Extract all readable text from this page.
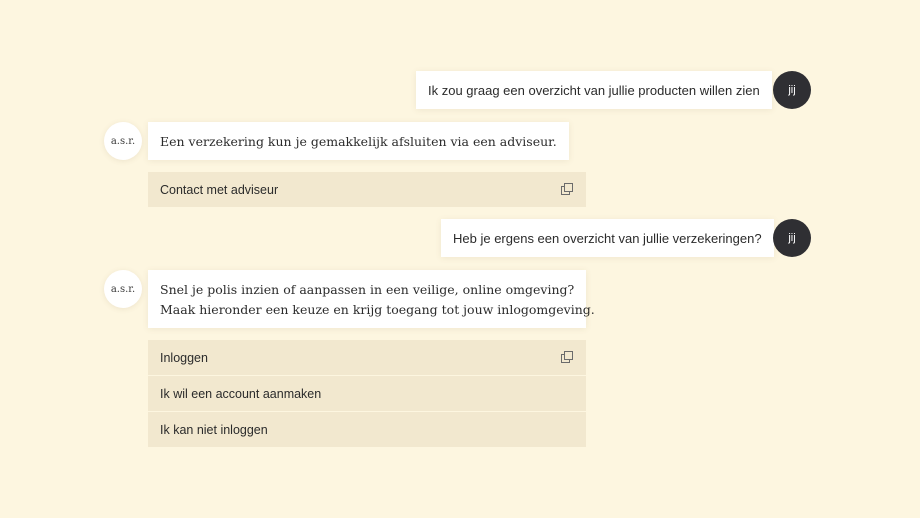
Ik zou graag een overzicht van jullie producten willen zien	jij
a.s.r. Een verzekering kun je gemakkelijk afsluiten via een adviseur.
Contact met adviseur
Heb je ergens een overzicht van jullie verzekeringen?	jij
a.s.r. Snel je polis inzien of aanpassen in een veilige, online omgeving?
Maak hieronder een keuze en krijg toegang tot jouw inlogomgeving.
Inloggen
Ik wil een account aanmaken
Ik kan niet inloggen
